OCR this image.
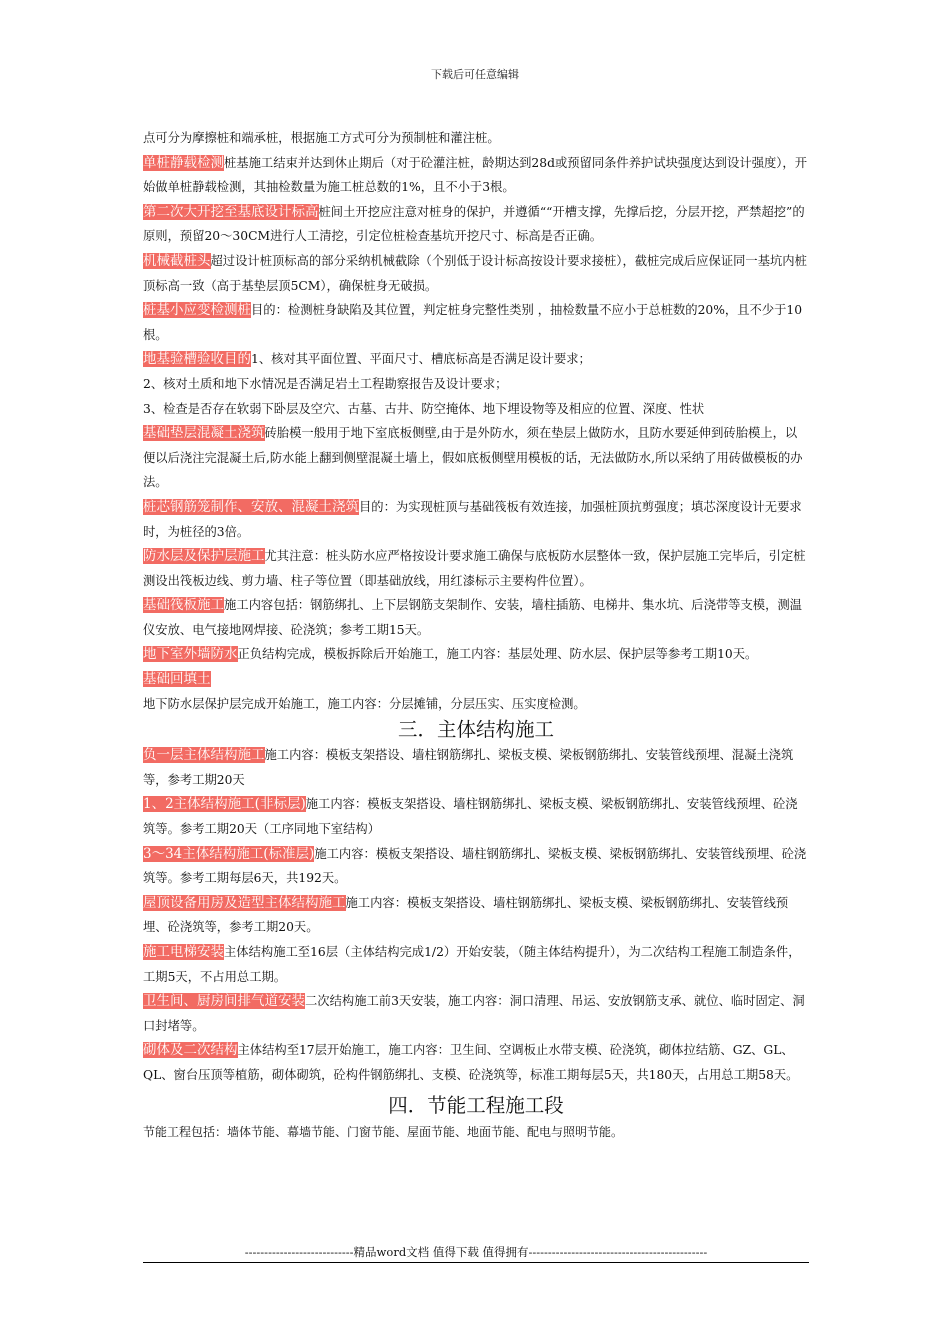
下载后可任意编辑

点可分为摩擦桩和端承桩，根据施工方式可分为预制桩和灌注桩。

单桩静载检测桩基施工结束并达到休止期后（对于砼灌注桩，龄期达到28d或预留同条件养护试块强度达到设计强度），开始做单桩静载检测，其抽检数量为施工桩总数的1%，且不小于3根。

第二次大开挖至基底设计标高桩间土开挖应注意对桩身的保护，并遵循““开槽支撑，先撑后挖，分层开挖，严禁超挖”的原则，预留20～30CM进行人工清挖，引定位桩检查基坑开挖尺寸、标高是否正确。

机械截桩头超过设计桩顶标高的部分采纳机械截除（个别低于设计标高按设计要求接桩），截桩完成后应保证同一基坑内桩顶标高一致（高于基垫层顶5CM），确保桩身无破损。

桩基小应变检测桩目的：检测桩身缺陷及其位置，判定桩身完整性类别 ，抽检数量不应小于总桩数的20%，且不少于10根。

地基验槽验收目的1、核对其平面位置、平面尺寸、槽底标高是否满足设计要求；

2、核对土质和地下水情况是否满足岩土工程勘察报告及设计要求；

3、检查是否存在软弱下卧层及空穴、古墓、古井、防空掩体、地下埋设物等及相应的位置、深度、性状

基础垫层混凝土浇筑砖胎模一般用于地下室底板侧壁,由于是外防水，须在垫层上做防水，且防水要延伸到砖胎模上，以便以后浇注完混凝土后,防水能上翻到侧壁混凝土墙上，假如底板侧壁用模板的话，无法做防水,所以采纳了用砖做模板的办法。

桩芯钢筋笼制作、安放、混凝土浇筑目的：为实现桩顶与基础筏板有效连接，加强桩顶抗剪强度；填芯深度设计无要求时，为桩径的3倍。

防水层及保护层施工尤其注意：桩头防水应严格按设计要求施工确保与底板防水层整体一致，保护层施工完毕后，引定桩测设出筏板边线、剪力墙、柱子等位置（即基础放线，用红漆标示主要构件位置）。

基础筏板施工施工内容包括：钢筋绑扎、上下层钢筋支架制作、安装，墙柱插筋、电梯井、集水坑、后浇带等支模，测温仪安放、电气接地网焊接、砼浇筑；参考工期15天。

地下室外墙防水正负结构完成，模板拆除后开始施工，施工内容：基层处理、防水层、保护层等参考工期10天。

基础回填土

地下防水层保护层完成开始施工，施工内容：分层摊铺，分层压实、压实度检测。

三．主体结构施工

负一层主体结构施工施工内容：模板支架搭设、墙柱钢筋绑扎、梁板支模、梁板钢筋绑扎、安装管线预埋、混凝土浇筑等，参考工期20天

1、2主体结构施工(非标层)施工内容：模板支架搭设、墙柱钢筋绑扎、梁板支模、梁板钢筋绑扎、安装管线预埋、砼浇筑等。参考工期20天（工序同地下室结构）

3～34主体结构施工(标准层)施工内容：模板支架搭设、墙柱钢筋绑扎、梁板支模、梁板钢筋绑扎、安装管线预埋、砼浇筑等。参考工期每层6天，共192天。

屋顶设备用房及造型主体结构施工施工内容：模板支架搭设、墙柱钢筋绑扎、梁板支模、梁板钢筋绑扎、安装管线预埋、砼浇筑等，参考工期20天。

施工电梯安装主体结构施工至16层（主体结构完成1/2）开始安装，（随主体结构提升），为二次结构工程施工制造条件，工期5天，不占用总工期。

卫生间、厨房间排气道安装二次结构施工前3天安装，施工内容：洞口清理、吊运、安放钢筋支承、就位、临时固定、洞口封堵等。

砌体及二次结构主体结构至17层开始施工，施工内容：卫生间、空调板止水带支模、砼浇筑，砌体拉结筋、GZ、GL、QL、窗台压顶等植筋，砌体砌筑，砼构件钢筋绑扎、支模、砼浇筑等，标准工期每层5天，共180天，占用总工期58天。

四．节能工程施工段

节能工程包括：墙体节能、幕墙节能、门窗节能、屋面节能、地面节能、配电与照明节能。

----------------------------精品word文档 值得下载 值得拥有----------------------------------------------
